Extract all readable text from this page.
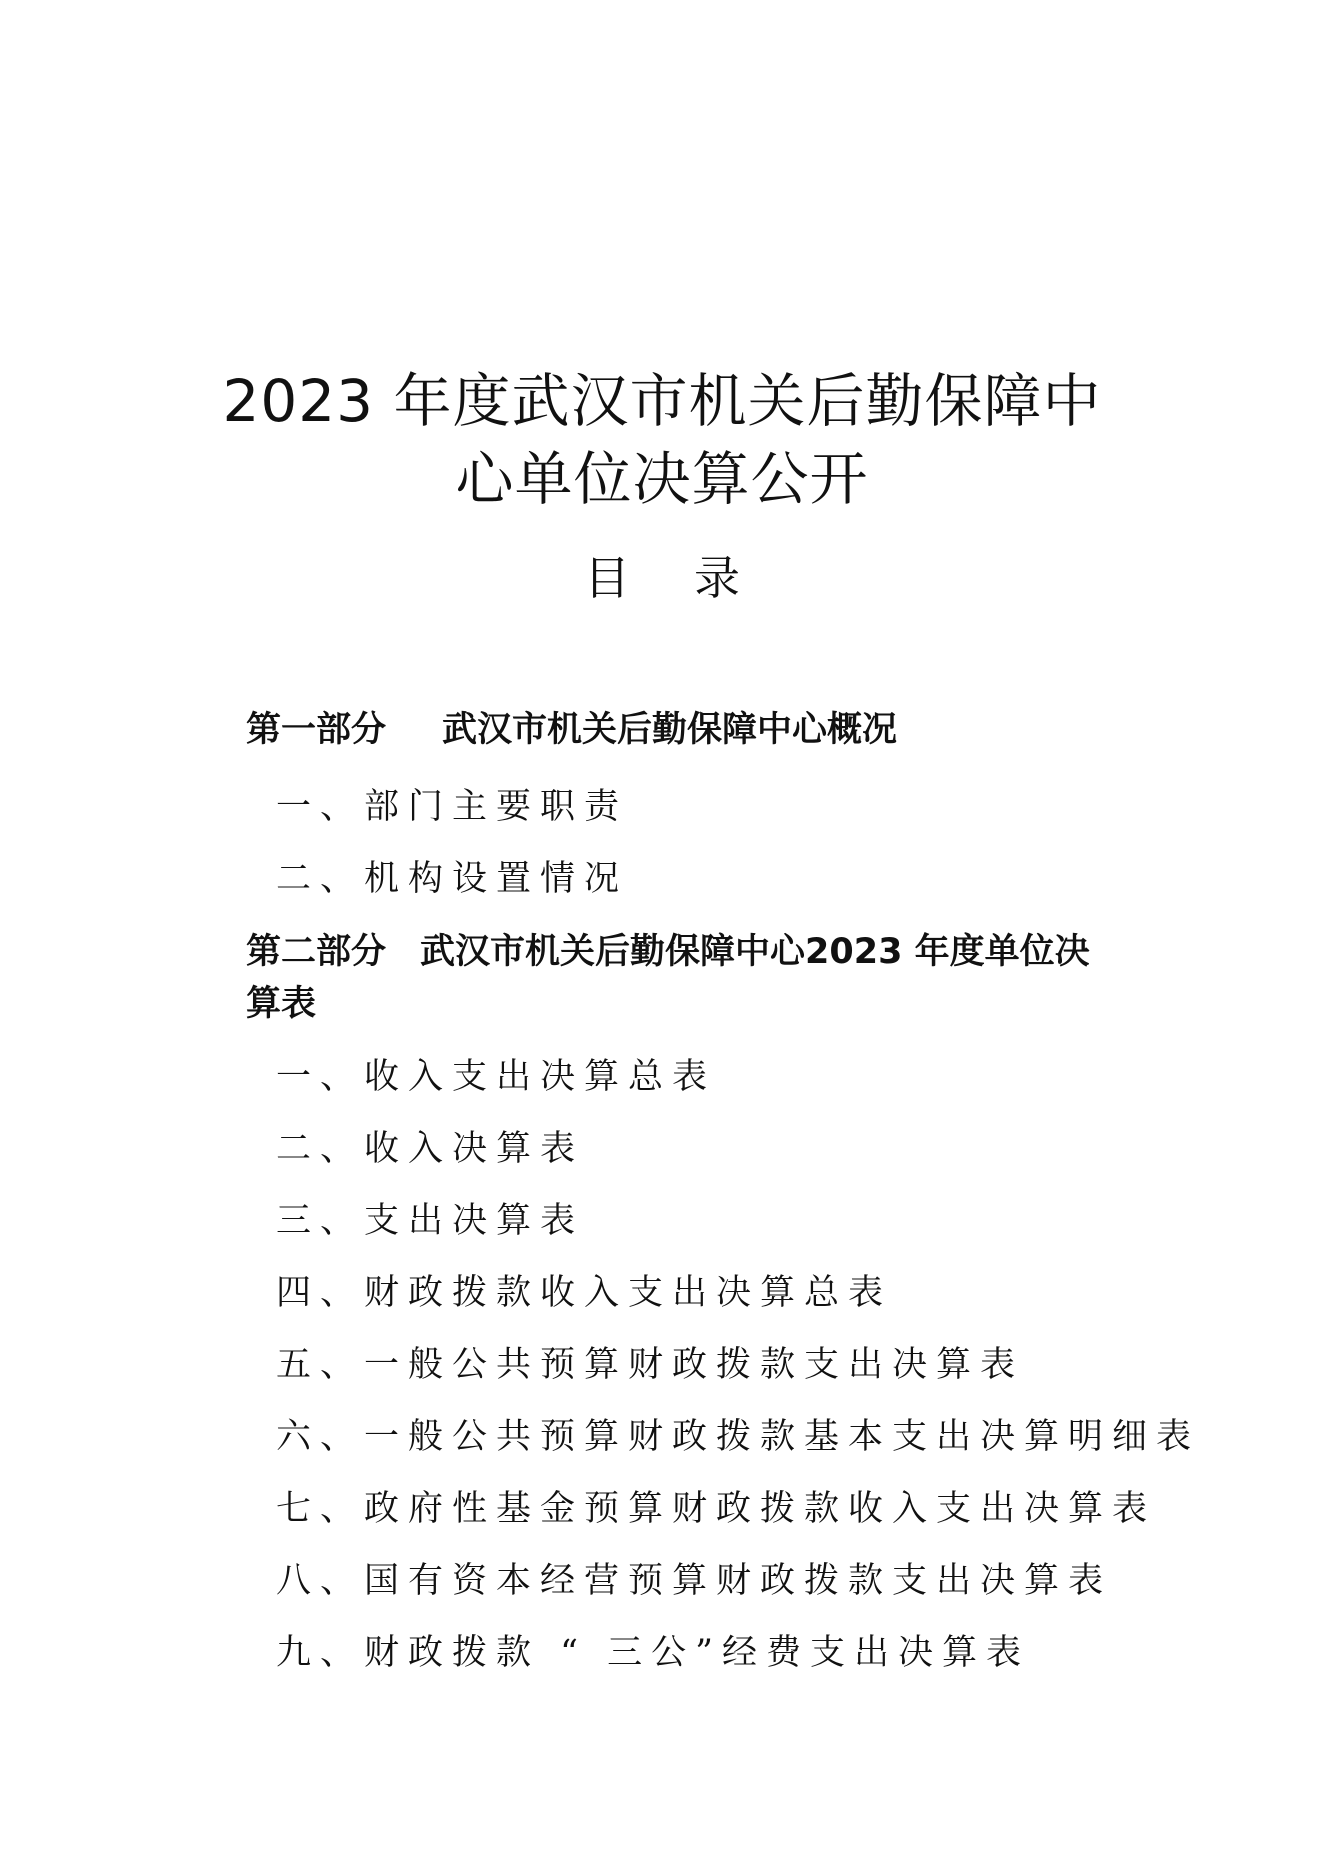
2023 年度武汉市机关后勤保障中
心单位决算公开
目 录

第一部分 武汉市机关后勤保障中心概况

一、部门主要职责

二、机构设置情况

第二部分 武汉市机关后勤保障中心2023 年度单位决算表

一、收入支出决算总表

二、收入决算表

三、支出决算表

四、财政拨款收入支出决算总表

五、一般公共预算财政拨款支出决算表

六、一般公共预算财政拨款基本支出决算明细表

七、政府性基金预算财政拨款收入支出决算表

八、国有资本经营预算财政拨款支出决算表

九、财政拨款 “ 三公”经费支出决算表
